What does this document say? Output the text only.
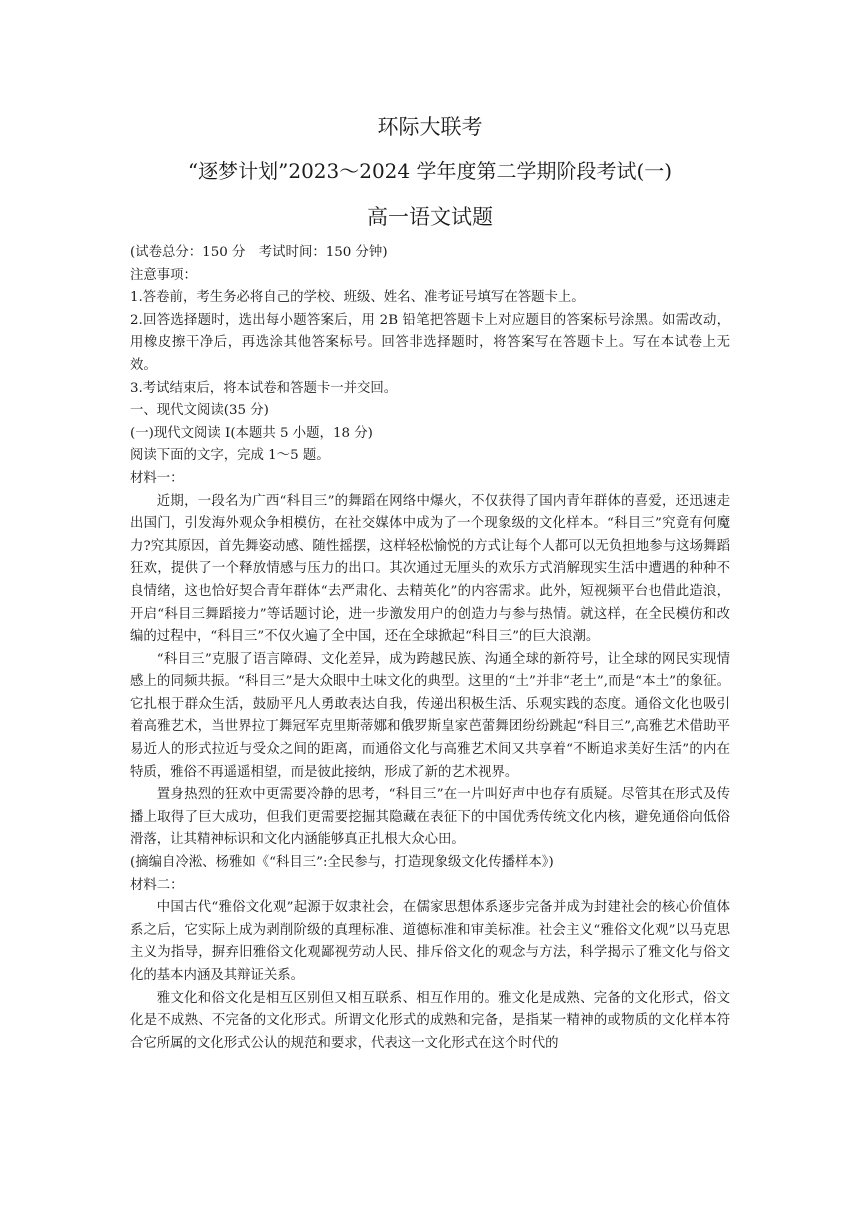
环际大联考
“逐梦计划”2023～2024 学年度第二学期阶段考试(一)
高一语文试题

(试卷总分：150 分　考试时间：150 分钟)

注意事项：

1.答卷前，考生务必将自己的学校、班级、姓名、准考证号填写在答题卡上。

2.回答选择题时，选出每小题答案后，用 2B 铅笔把答题卡上对应题目的答案标号涂黑。如需改动，用橡皮擦干净后，再选涂其他答案标号。回答非选择题时，将答案写在答题卡上。写在本试卷上无效。

3.考试结束后，将本试卷和答题卡一并交回。

一、现代文阅读(35 分)

(一)现代文阅读 I(本题共 5 小题，18 分)

阅读下面的文字，完成 1～5 题。

材料一：

近期，一段名为广西“科目三”的舞蹈在网络中爆火，不仅获得了国内青年群体的喜爱，还迅速走出国门，引发海外观众争相模仿，在社交媒体中成为了一个现象级的文化样本。“科目三”究竟有何魔力?究其原因，首先舞姿动感、随性摇摆，这样轻松愉悦的方式让每个人都可以无负担地参与这场舞蹈狂欢，提供了一个释放情感与压力的出口。其次通过无厘头的欢乐方式消解现实生活中遭遇的种种不良情绪，这也恰好契合青年群体“去严肃化、去精英化”的内容需求。此外，短视频平台也借此造浪，开启“科目三舞蹈接力”等话题讨论，进一步激发用户的创造力与参与热情。就这样，在全民模仿和改编的过程中，“科目三”不仅火遍了全中国，还在全球掀起“科目三”的巨大浪潮。

“科目三”克服了语言障碍、文化差异，成为跨越民族、沟通全球的新符号，让全球的网民实现情感上的同频共振。“科目三”是大众眼中土味文化的典型。这里的“土”并非“老土”,而是“本土”的象征。它扎根于群众生活，鼓励平凡人勇敢表达自我，传递出积极生活、乐观实践的态度。通俗文化也吸引着高雅艺术，当世界拉丁舞冠军克里斯蒂娜和俄罗斯皇家芭蕾舞团纷纷跳起“科目三”,高雅艺术借助平易近人的形式拉近与受众之间的距离，而通俗文化与高雅艺术间又共享着“不断追求美好生活”的内在特质，雅俗不再遥遥相望，而是彼此接纳，形成了新的艺术视界。

置身热烈的狂欢中更需要冷静的思考，“科目三”在一片叫好声中也存有质疑。尽管其在形式及传播上取得了巨大成功，但我们更需要挖掘其隐藏在表征下的中国优秀传统文化内核，避免通俗向低俗滑落，让其精神标识和文化内涵能够真正扎根大众心田。

(摘编自冷淞、杨雅如《“科目三”:全民参与，打造现象级文化传播样本》)

材料二：

中国古代“雅俗文化观”起源于奴隶社会，在儒家思想体系逐步完备并成为封建社会的核心价值体系之后，它实际上成为剥削阶级的真理标准、道德标准和审美标准。社会主义“雅俗文化观”以马克思主义为指导，摒弃旧雅俗文化观鄙视劳动人民、排斥俗文化的观念与方法，科学揭示了雅文化与俗文化的基本内涵及其辩证关系。

雅文化和俗文化是相互区别但又相互联系、相互作用的。雅文化是成熟、完备的文化形式，俗文化是不成熟、不完备的文化形式。所谓文化形式的成熟和完备，是指某一精神的或物质的文化样本符合它所属的文化形式公认的规范和要求，代表这一文化形式在这个时代的
